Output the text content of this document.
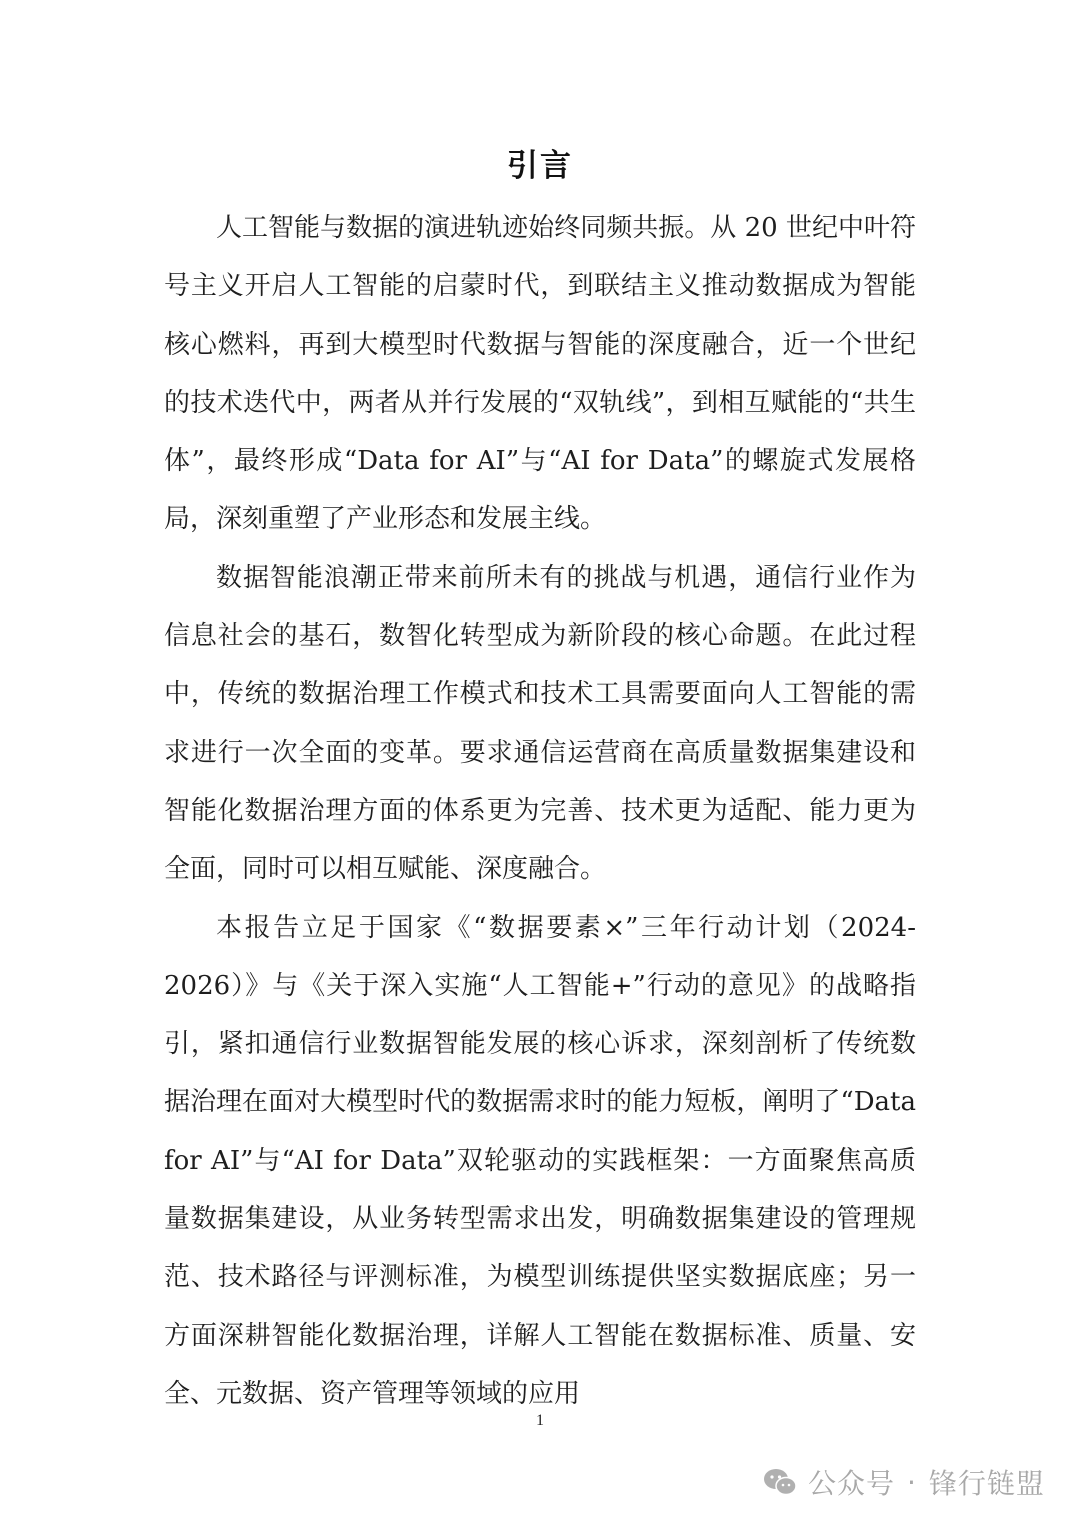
引言

人工智能与数据的演进轨迹始终同频共振。从 20 世纪中叶符号主义开启人工智能的启蒙时代，到联结主义推动数据成为智能核心燃料，再到大模型时代数据与智能的深度融合，近一个世纪的技术迭代中，两者从并行发展的“双轨线”，到相互赋能的“共生体”，最终形成“Data for AI”与“AI for Data”的螺旋式发展格局，深刻重塑了产业形态和发展主线。

数据智能浪潮正带来前所未有的挑战与机遇，通信行业作为信息社会的基石，数智化转型成为新阶段的核心命题。在此过程中，传统的数据治理工作模式和技术工具需要面向人工智能的需求进行一次全面的变革。要求通信运营商在高质量数据集建设和智能化数据治理方面的体系更为完善、技术更为适配、能力更为全面，同时可以相互赋能、深度融合。

本报告立足于国家《“数据要素×”三年行动计划（2024-2026）》与《关于深入实施“人工智能+”行动的意见》的战略指引，紧扣通信行业数据智能发展的核心诉求，深刻剖析了传统数据治理在面对大模型时代的数据需求时的能力短板，阐明了“Data for AI”与“AI for Data”双轮驱动的实践框架：一方面聚焦高质量数据集建设，从业务转型需求出发，明确数据集建设的管理规范、技术路径与评测标准，为模型训练提供坚实数据底座；另一方面深耕智能化数据治理，详解人工智能在数据标准、质量、安全、元数据、资产管理等领域的应用

1
公众号 · 锋行链盟
